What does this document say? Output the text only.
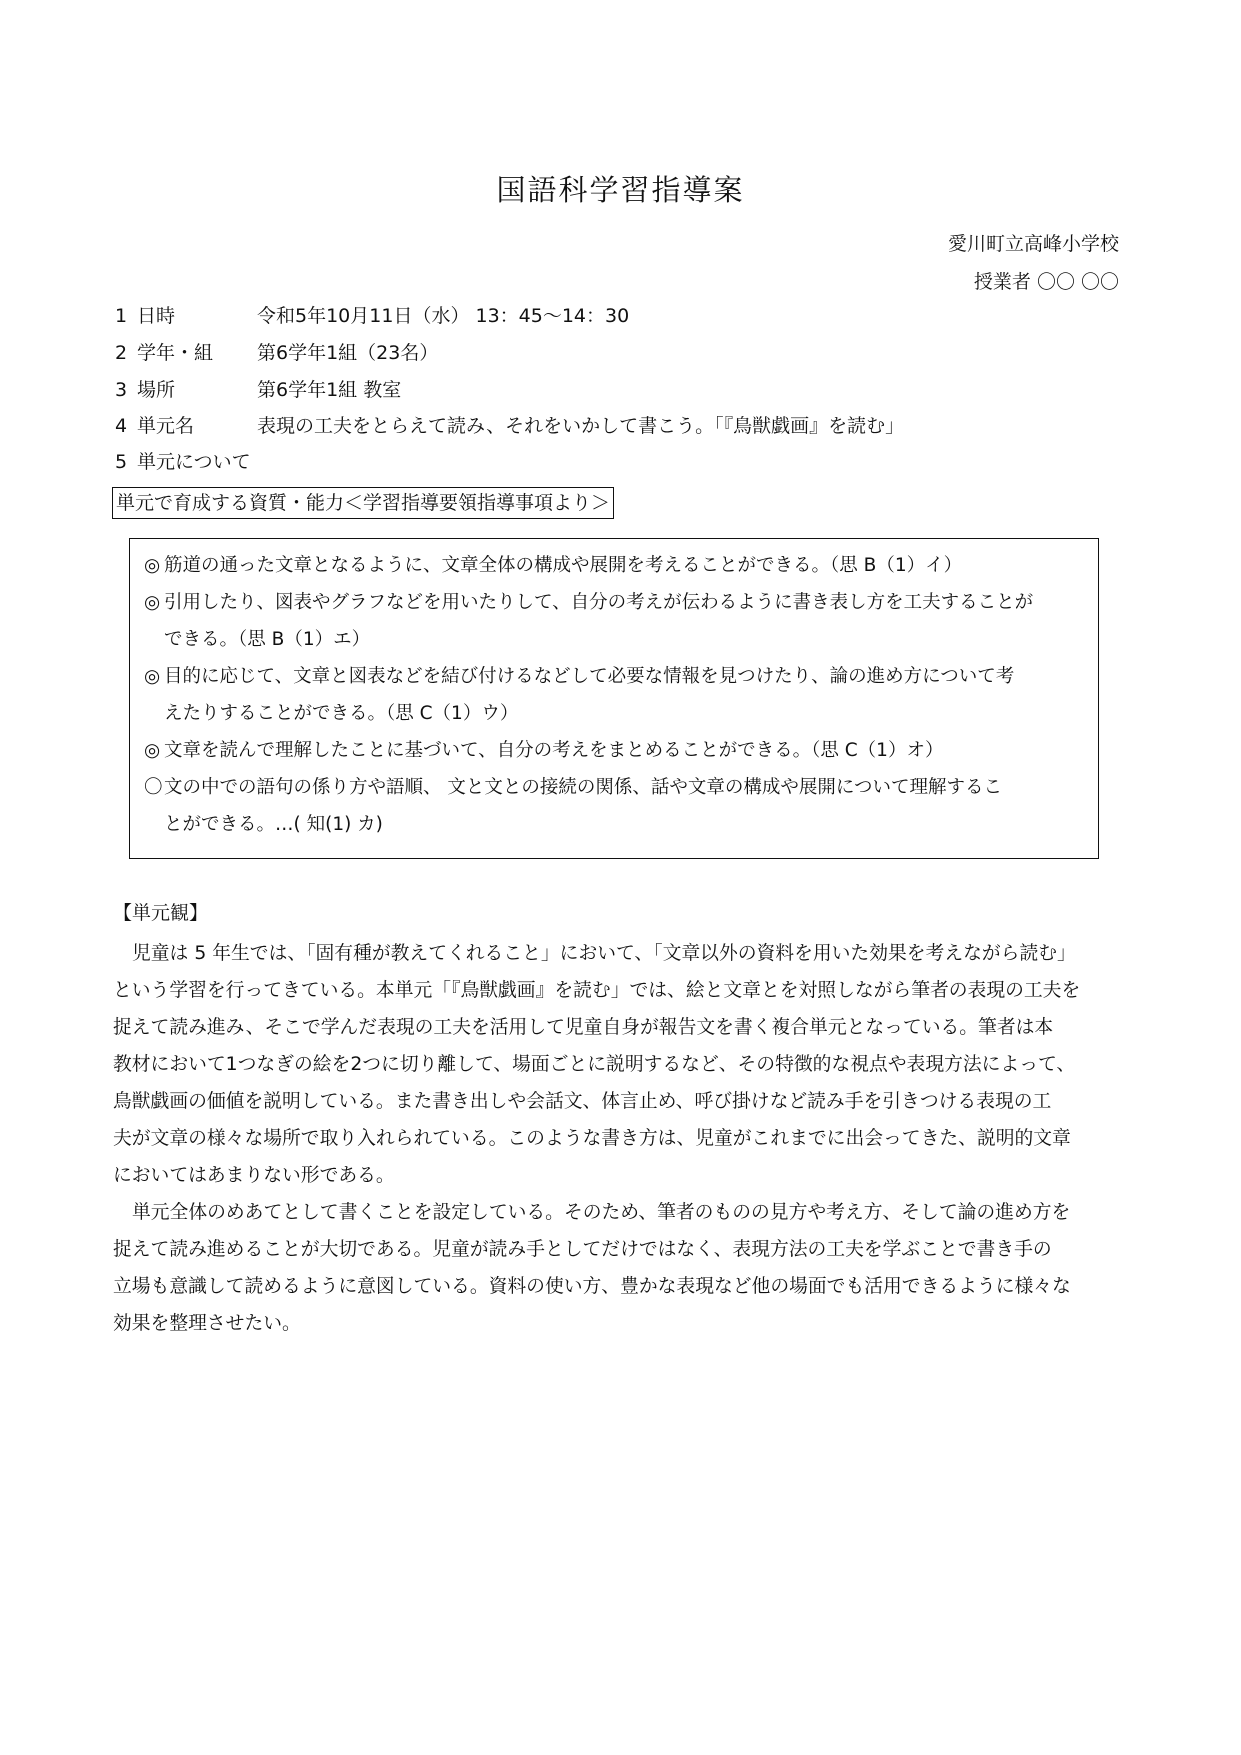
国語科学習指導案
愛川町立高峰小学校
授業者 〇〇 〇〇
1 日時	令和5年10月11日（水） 13：45～14：30
2 学年・組 第6学年1組（23名）
3 場所	第6学年1組 教室
4 単元名	表現の工夫をとらえて読み、それをいかして書こう。「『鳥獣戯画』を読む」
5 単元について
単元で育成する資質・能力＜学習指導要領指導事項より＞
◎ 筋道の通った文章となるように、文章全体の構成や展開を考えることができる。（思 B（1）イ）
◎ 引用したり、図表やグラフなどを用いたりして、自分の考えが伝わるように書き表し方を工夫することが
できる。（思 B（1）エ）
◎ 目的に応じて、文章と図表などを結び付けるなどして必要な情報を見つけたり、論の進め方について考
えたりすることができる。（思 C（1）ウ）
◎ 文章を読んで理解したことに基づいて、自分の考えをまとめることができる。（思 C（1）オ）
〇文の中での語句の係り方や語順、 文と文との接続の関係、話や文章の構成や展開について理解するこ
とができる。…( 知(1) カ)
【単元観】
児童は 5 年生では、「固有種が教えてくれること」において、「文章以外の資料を用いた効果を考えながら読む」
という学習を行ってきている。本単元「『鳥獣戯画』を読む」では、絵と文章とを対照しながら筆者の表現の工夫を
捉えて読み進み、そこで学んだ表現の工夫を活用して児童自身が報告文を書く複合単元となっている。筆者は本
教材において1つなぎの絵を2つに切り離して、場面ごとに説明するなど、その特徴的な視点や表現方法によって、
鳥獣戯画の価値を説明している。また書き出しや会話文、体言止め、呼び掛けなど読み手を引きつける表現の工
夫が文章の様々な場所で取り入れられている。このような書き方は、児童がこれまでに出会ってきた、説明的文章
においてはあまりない形である。
単元全体のめあてとして書くことを設定している。そのため、筆者のものの見方や考え方、そして論の進め方を
捉えて読み進めることが大切である。児童が読み手としてだけではなく、表現方法の工夫を学ぶことで書き手の
立場も意識して読めるように意図している。資料の使い方、豊かな表現など他の場面でも活用できるように様々な
効果を整理させたい。
